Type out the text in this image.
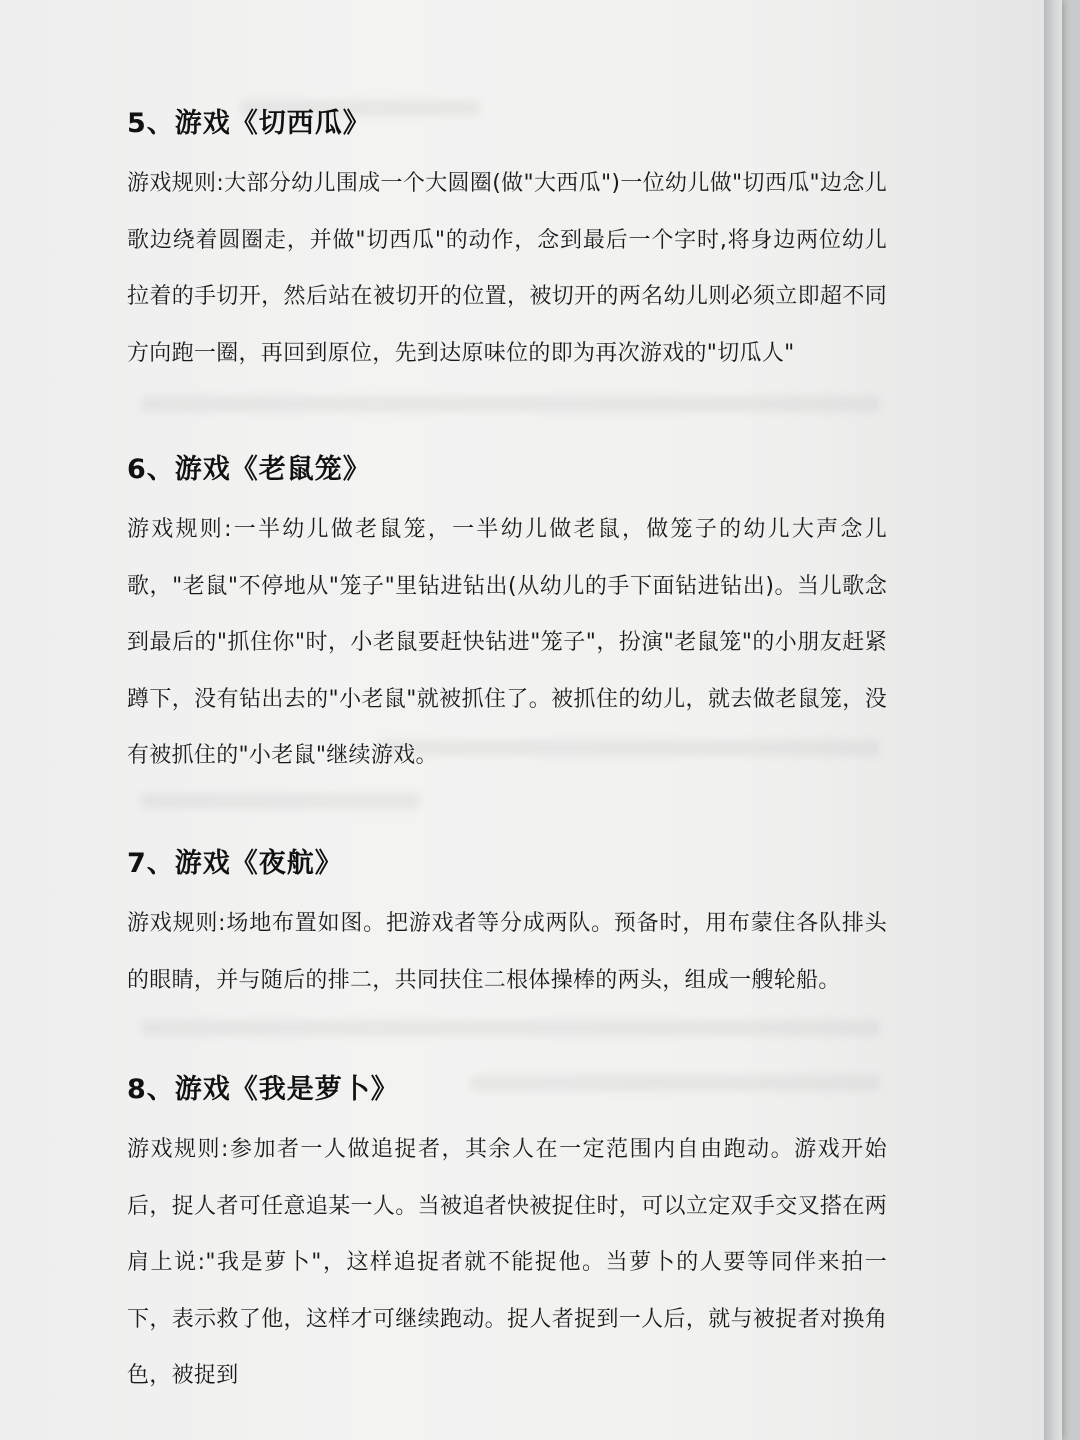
5、游戏《切西瓜》

游戏规则:大部分幼儿围成一个大圆圈(做"大西瓜")一位幼儿做"切西瓜"边念儿歌边绕着圆圈走，并做"切西瓜"的动作，念到最后一个字时,将身边两位幼儿拉着的手切开，然后站在被切开的位置，被切开的两名幼儿则必须立即超不同方向跑一圈，再回到原位，先到达原味位的即为再次游戏的"切瓜人"

6、游戏《老鼠笼》

游戏规则:一半幼儿做老鼠笼，一半幼儿做老鼠，做笼子的幼儿大声念儿歌，"老鼠"不停地从"笼子"里钻进钻出(从幼儿的手下面钻进钻出)。当儿歌念到最后的"抓住你"时，小老鼠要赶快钻进"笼子"，扮演"老鼠笼"的小朋友赶紧蹲下，没有钻出去的"小老鼠"就被抓住了。被抓住的幼儿，就去做老鼠笼，没有被抓住的"小老鼠"继续游戏。

7、游戏《夜航》

游戏规则:场地布置如图。把游戏者等分成两队。预备时，用布蒙住各队排头的眼睛，并与随后的排二，共同扶住二根体操棒的两头，组成一艘轮船。

8、游戏《我是萝卜》

游戏规则:参加者一人做追捉者，其余人在一定范围内自由跑动。游戏开始后，捉人者可任意追某一人。当被追者快被捉住时，可以立定双手交叉搭在两肩上说:"我是萝卜"，这样追捉者就不能捉他。当萝卜的人要等同伴来拍一下，表示救了他，这样才可继续跑动。捉人者捉到一人后，就与被捉者对换角色，被捉到
